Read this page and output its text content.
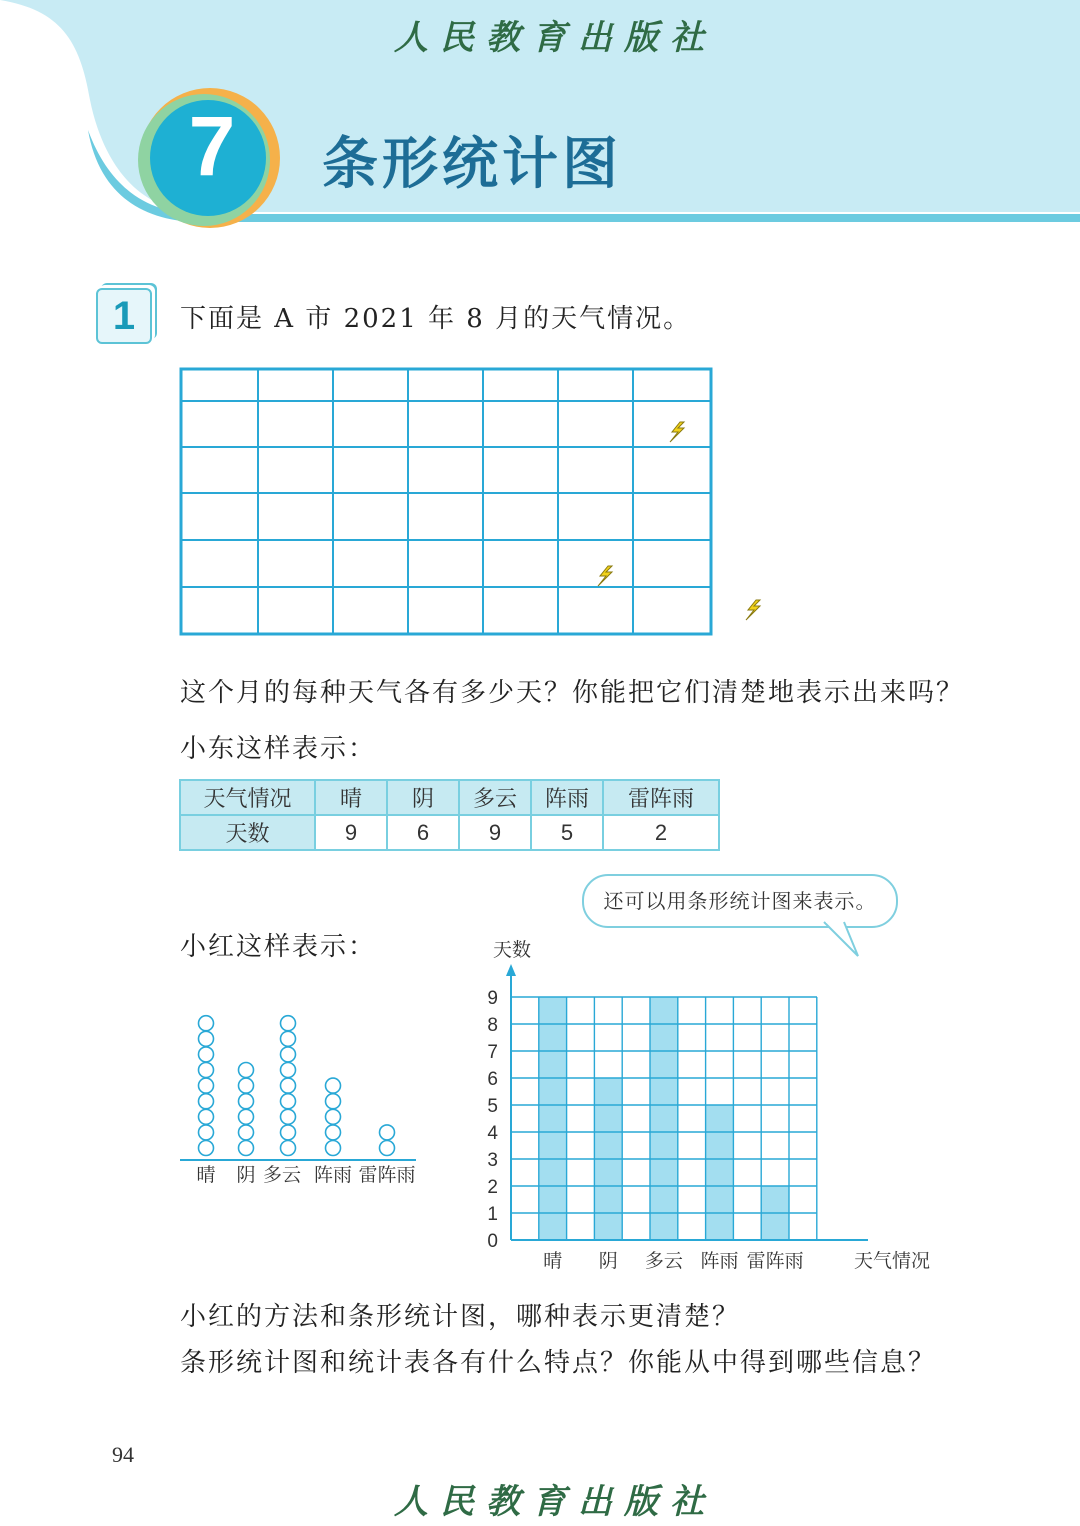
人民教育出版社
7	条形统计图
1	下面是 A 市 2021 年 8 月的天气情况。
这个月的每种天气各有多少天？你能把它们清楚地表示出来吗？
小东这样表示：
天气情况	晴	阴	多云	阵雨	雷阵雨
天数	9	6	9	5	2
还可以用条形统计图来表示。
小红这样表示：
晴 阴 多云 阵雨 雷阵雨
0
1
2
3
4
5
6
7
8
9
天数
晴 阴 多云 阵雨 雷阵雨	天气情况
小红的方法和条形统计图，哪种表示更清楚？
条形统计图和统计表各有什么特点？你能从中得到哪些信息？
94
人民教育出版社
